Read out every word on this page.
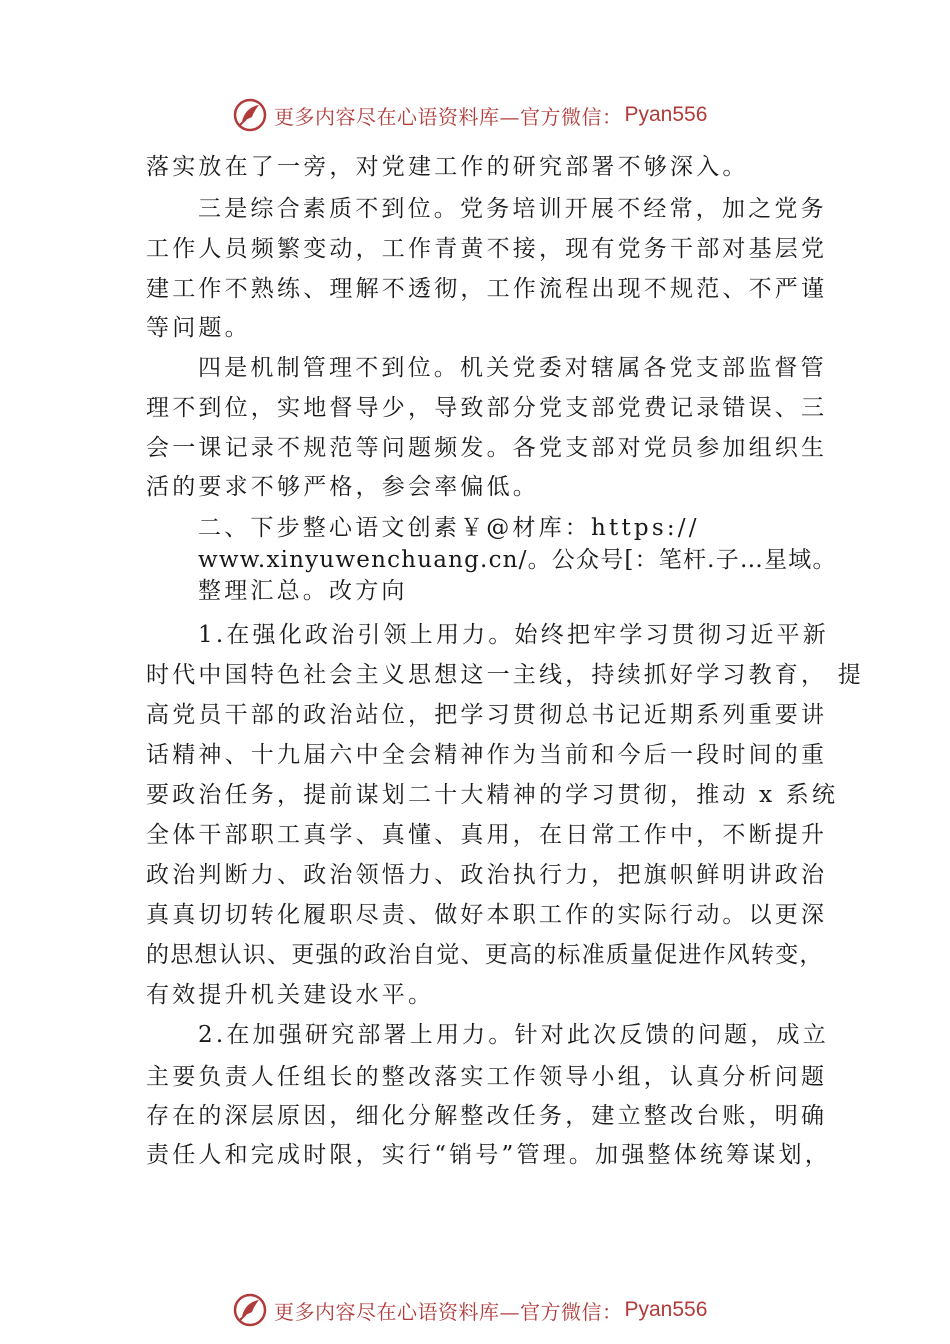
更多内容尽在心语资料库—官方微信： Pyan556
落实放在了一旁，对党建工作的研究部署不够深入。
三是综合素质不到位。党务培训开展不经常，加之党务
工作人员频繁变动，工作青黄不接，现有党务干部对基层党
建工作不熟练、理解不透彻，工作流程出现不规范、不严谨
等问题。
四是机制管理不到位。机关党委对辖属各党支部监督管
理不到位，实地督导少，导致部分党支部党费记录错误、三
会一课记录不规范等问题频发。各党支部对党员参加组织生
活的要求不够严格，参会率偏低。
二、下步整心语文创素￥@材库：https://
www.xinyuwenchuang.cn/。公众号[：笔杆.子…星域。
整理汇总。改方向
1.在强化政治引领上用力。始终把牢学习贯彻习近平新
时代中国特色社会主义思想这一主线，持续抓好学习教育， 提
高党员干部的政治站位，把学习贯彻总书记近期系列重要讲
话精神、十九届六中全会精神作为当前和今后一段时间的重
要政治任务，提前谋划二十大精神的学习贯彻，推动 x 系统
全体干部职工真学、真懂、真用，在日常工作中，不断提升
政治判断力、政治领悟力、政治执行力，把旗帜鲜明讲政治
真真切切转化履职尽责、做好本职工作的实际行动。以更深
的思想认识、更强的政治自觉、更高的标准质量促进作风转变，
有效提升机关建设水平。
2.在加强研究部署上用力。针对此次反馈的问题，成立
主要负责人任组长的整改落实工作领导小组，认真分析问题
存在的深层原因，细化分解整改任务，建立整改台账，明确
责任人和完成时限，实行“销号”管理。加强整体统筹谋划，
更多内容尽在心语资料库—官方微信： Pyan556
